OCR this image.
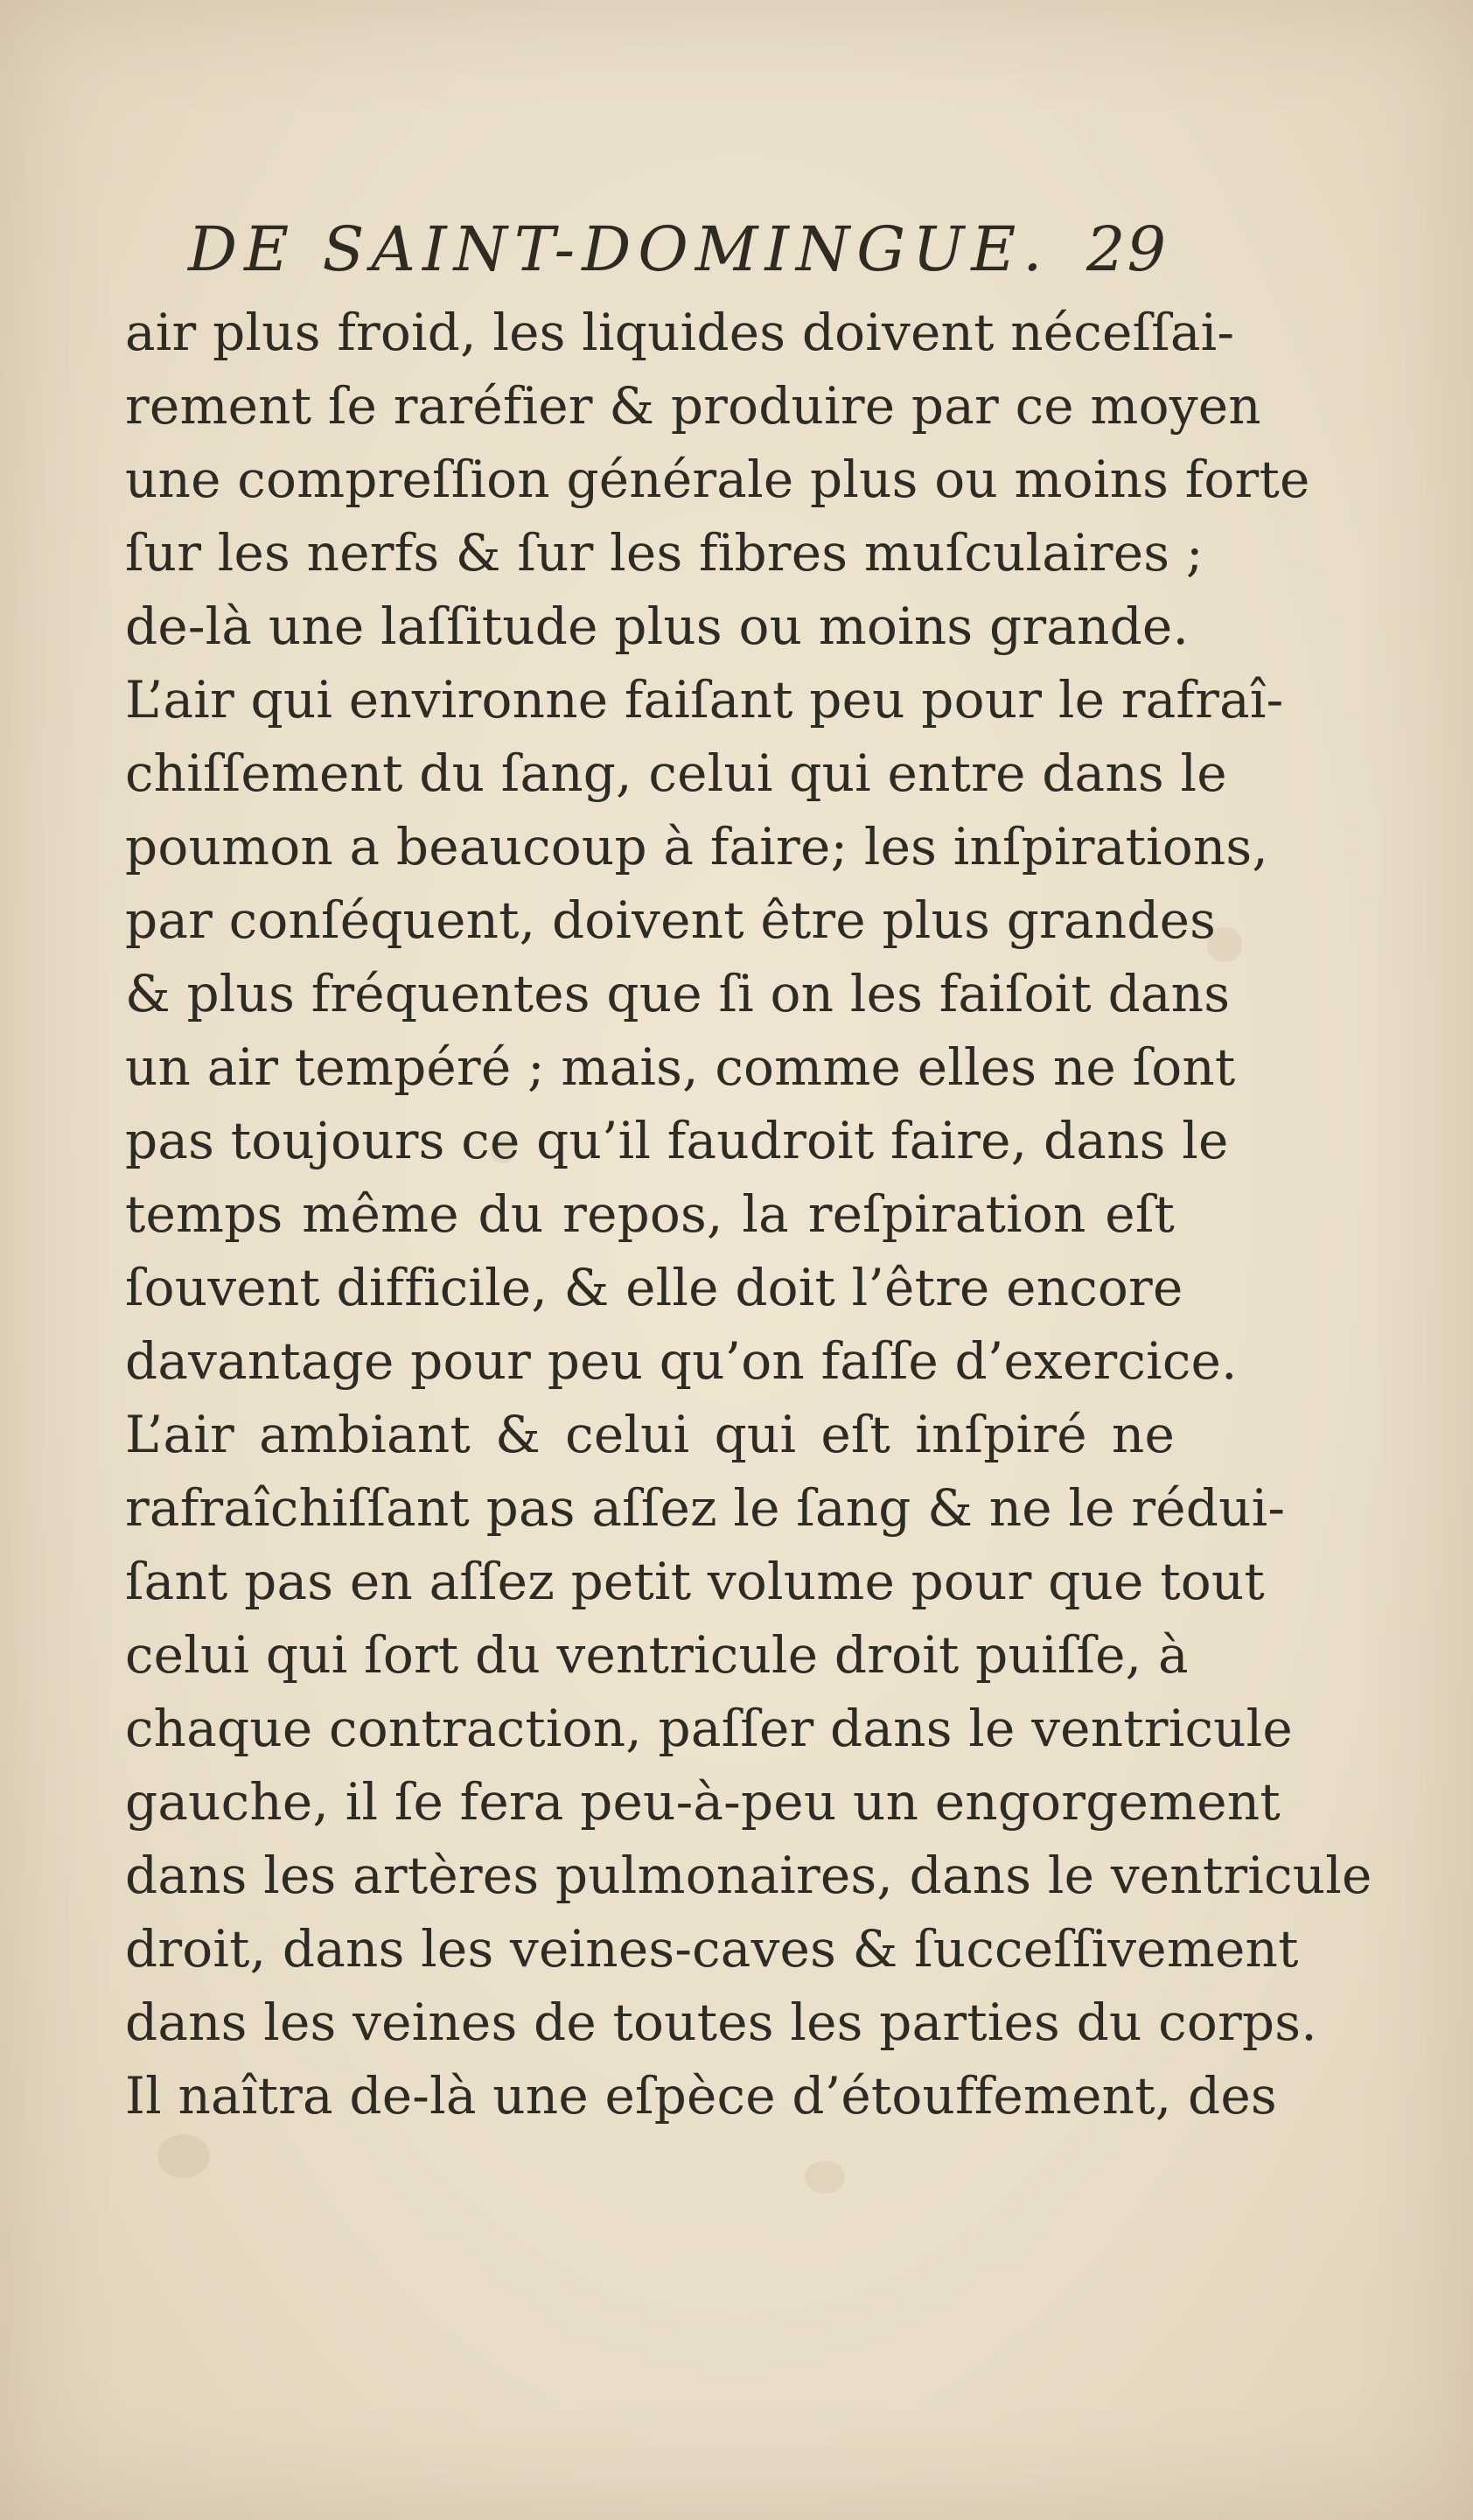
DE SAINT-DOMINGUE. 29
air plus froid, les liquides doivent néceſſai-
rement ſe raréfier & produire par ce moyen
une compreſſion générale plus ou moins forte
ſur les nerfs & ſur les fibres muſculaires ;
de-là une laſſitude plus ou moins grande.
L’air qui environne faiſant peu pour le rafraî-
chiſſement du ſang, celui qui entre dans le
poumon a beaucoup à faire; les inſpirations,
par conſéquent, doivent être plus grandes
& plus fréquentes que ſi on les faiſoit dans
un air tempéré ; mais, comme elles ne ſont
pas toujours ce qu’il faudroit faire, dans le
temps même du repos, la reſpiration eſt
ſouvent difficile, & elle doit l’être encore
davantage pour peu qu’on faſſe d’exercice.
L’air ambiant & celui qui eſt inſpiré ne
rafraîchiſſant pas aſſez le ſang & ne le rédui-
ſant pas en aſſez petit volume pour que tout
celui qui ſort du ventricule droit puiſſe, à
chaque contraction, paſſer dans le ventricule
gauche, il ſe fera peu-à-peu un engorgement
dans les artères pulmonaires, dans le ventricule
droit, dans les veines-caves & ſucceſſivement
dans les veines de toutes les parties du corps.
Il naîtra de-là une eſpèce d’étouffement, des
